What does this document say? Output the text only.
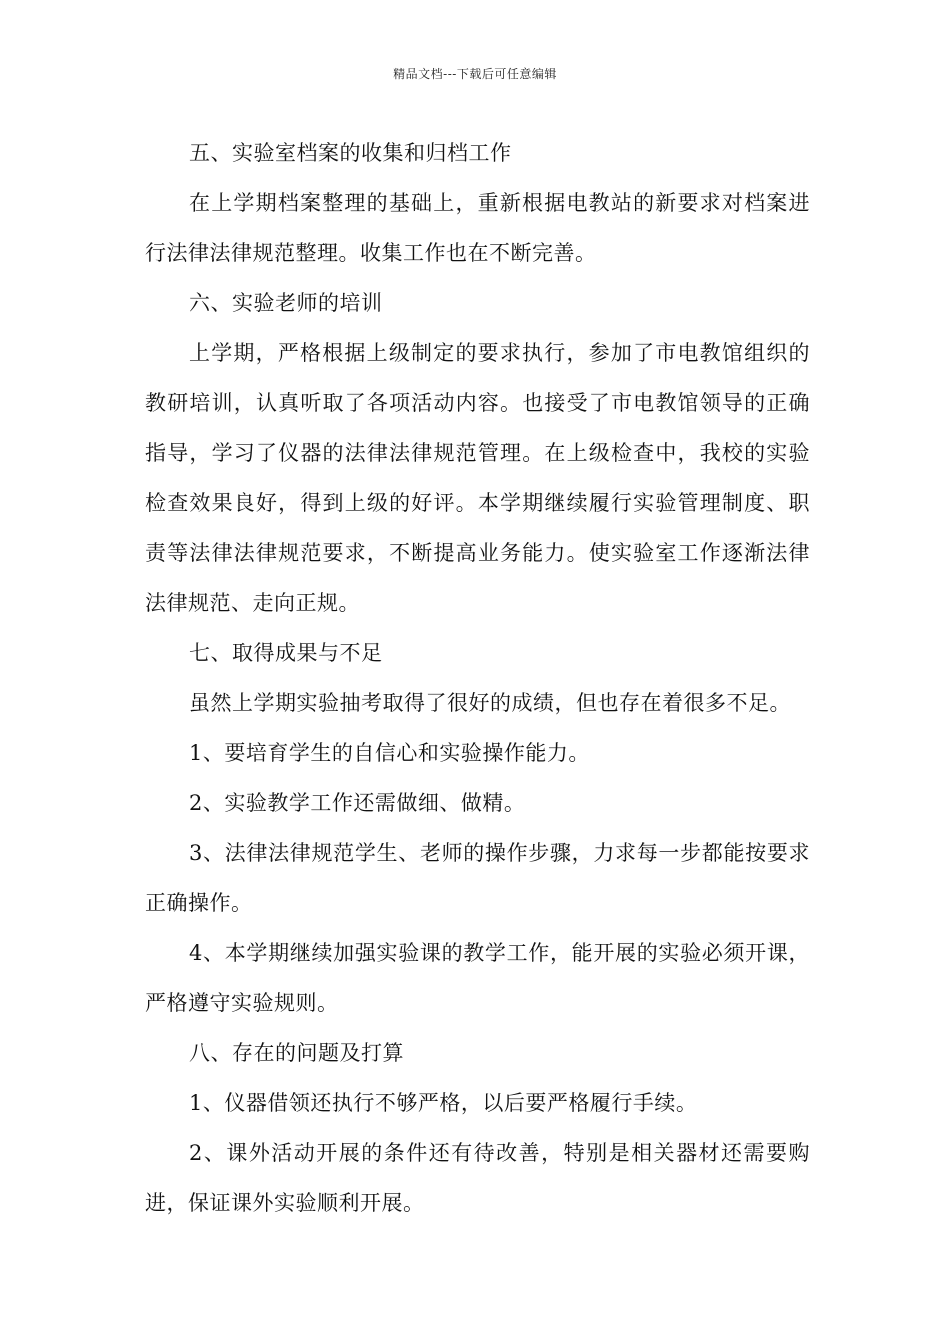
精品文档---下载后可任意编辑

五、实验室档案的收集和归档工作

在上学期档案整理的基础上，重新根据电教站的新要求对档案进行法律法律规范整理。收集工作也在不断完善。

六、实验老师的培训

上学期，严格根据上级制定的要求执行，参加了市电教馆组织的教研培训，认真听取了各项活动内容。也接受了市电教馆领导的正确指导，学习了仪器的法律法律规范管理。在上级检查中，我校的实验检查效果良好，得到上级的好评。本学期继续履行实验管理制度、职责等法律法律规范要求，不断提高业务能力。使实验室工作逐渐法律法律规范、走向正规。

七、取得成果与不足

虽然上学期实验抽考取得了很好的成绩，但也存在着很多不足。

1、要培育学生的自信心和实验操作能力。

2、实验教学工作还需做细、做精。

3、法律法律规范学生、老师的操作步骤，力求每一步都能按要求正确操作。

4、本学期继续加强实验课的教学工作，能开展的实验必须开课，严格遵守实验规则。

八、存在的问题及打算

1、仪器借领还执行不够严格，以后要严格履行手续。

2、课外活动开展的条件还有待改善，特别是相关器材还需要购进，保证课外实验顺利开展。
